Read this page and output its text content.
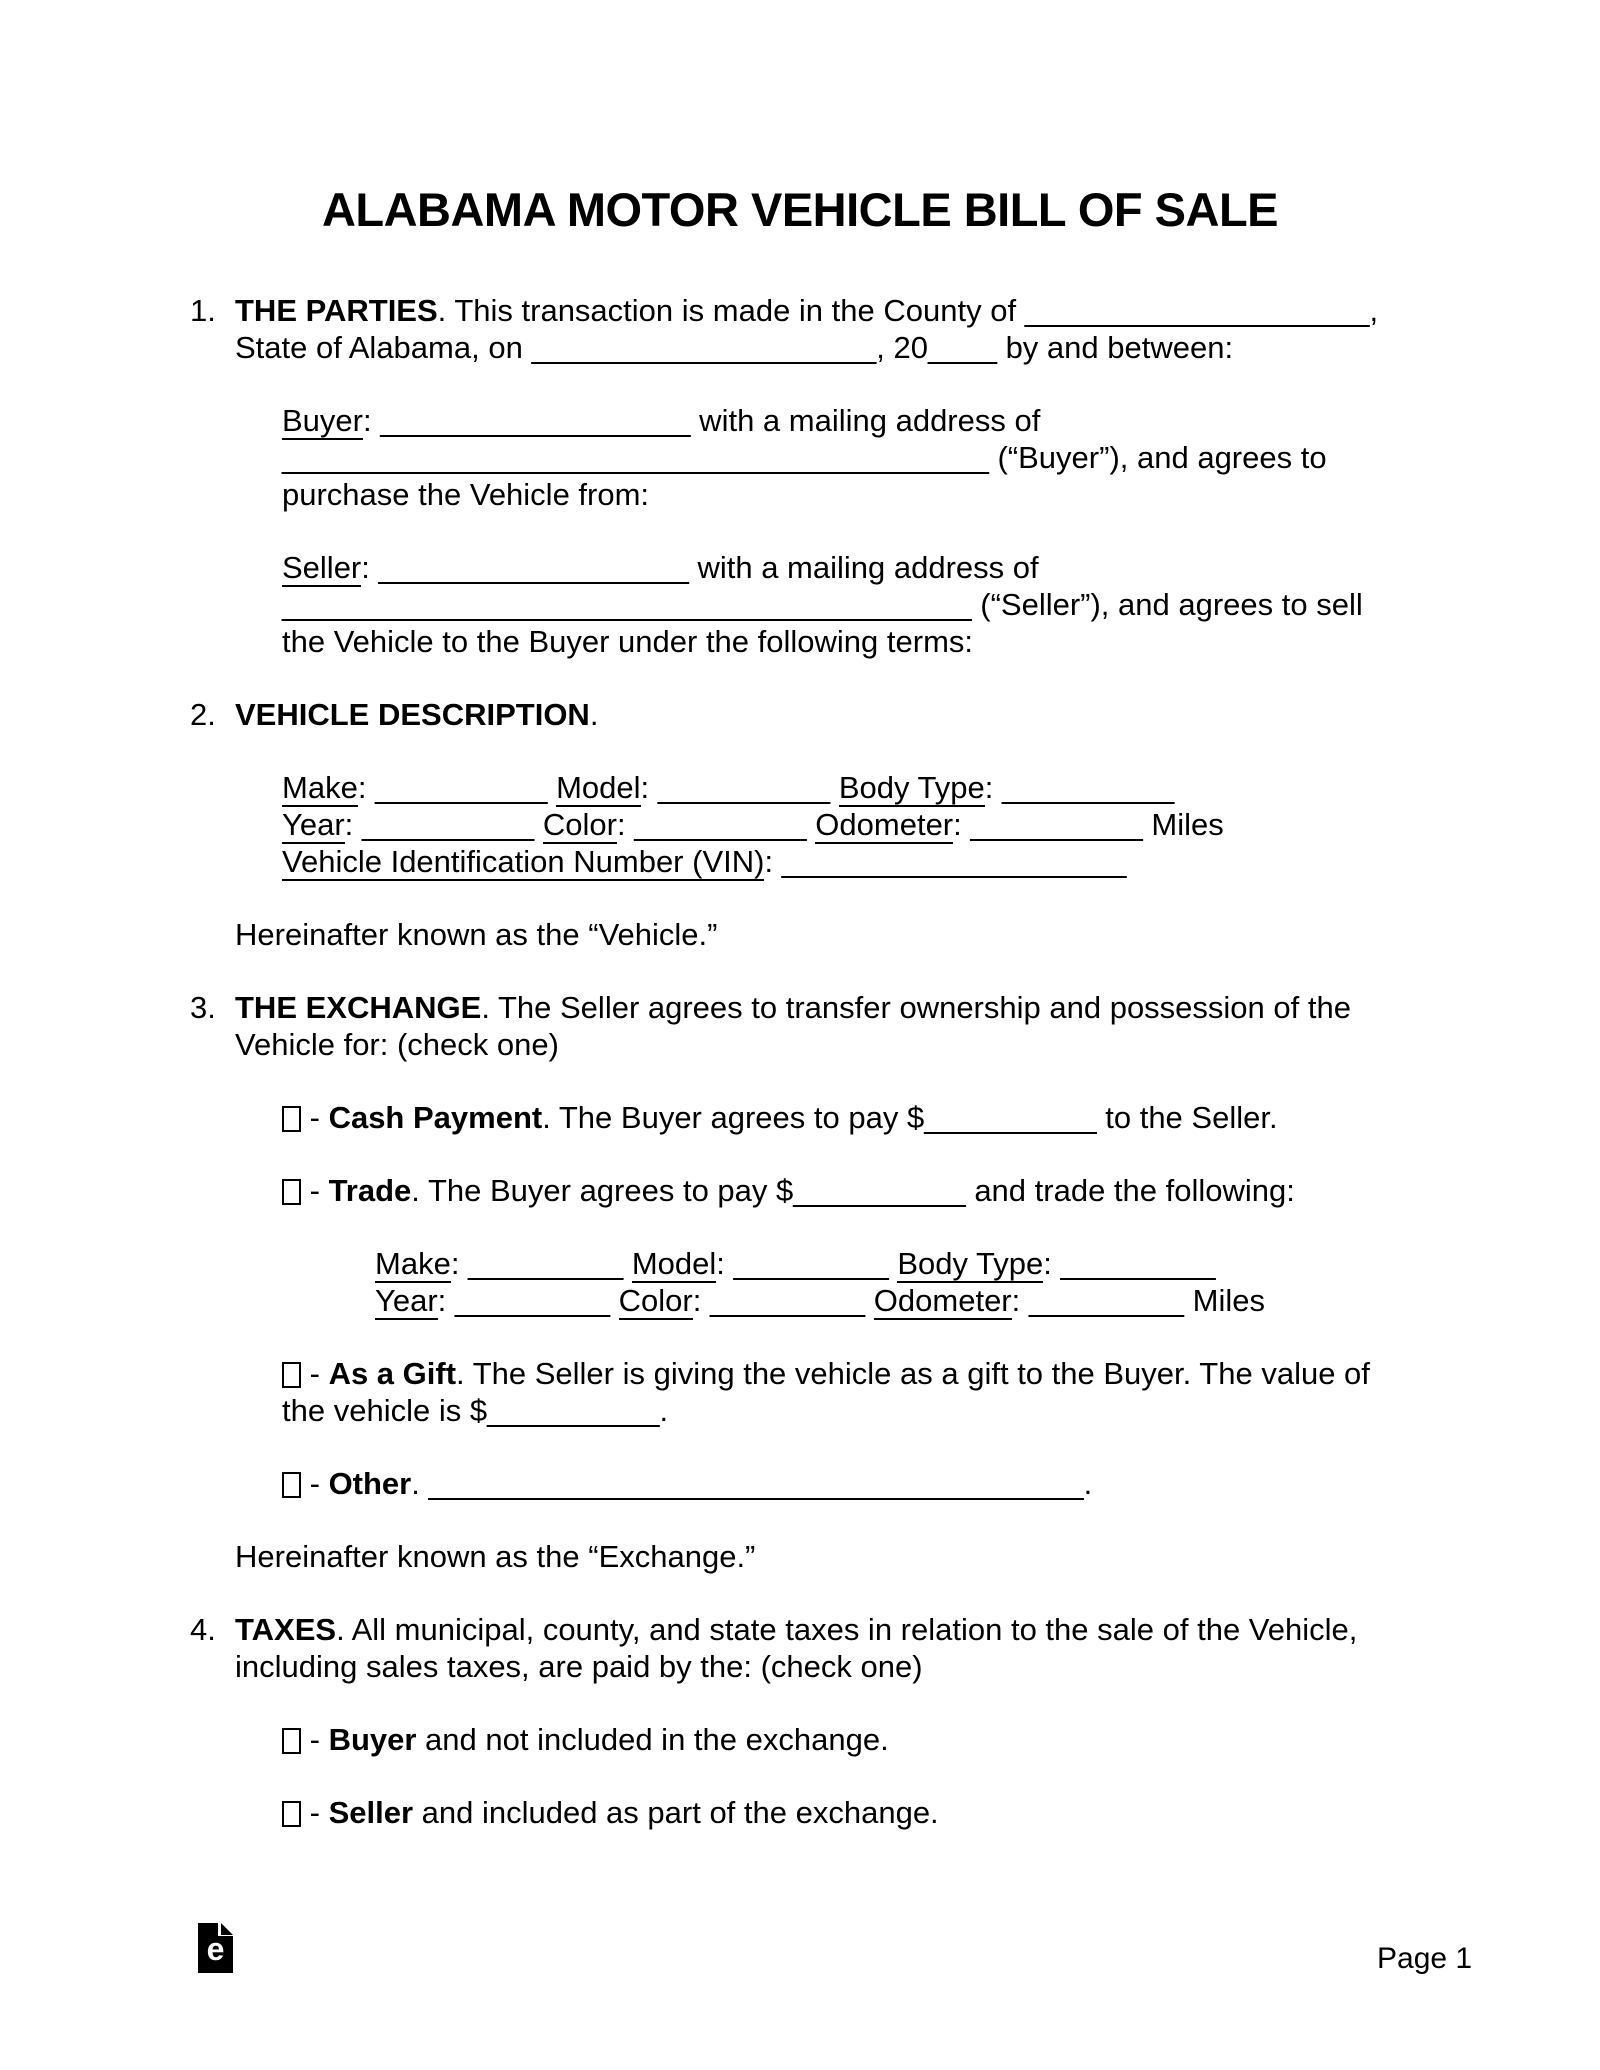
ALABAMA MOTOR VEHICLE BILL OF SALE
1. THE PARTIES. This transaction is made in the County of ____________________,
State of Alabama, on ____________________, 20____ by and between:
Buyer: __________________ with a mailing address of
_________________________________________ (“Buyer”), and agrees to
purchase the Vehicle from:
Seller: __________________ with a mailing address of
________________________________________ (“Seller”), and agrees to sell
the Vehicle to the Buyer under the following terms:
2. VEHICLE DESCRIPTION.
Make: __________ Model: __________ Body Type: __________
Year: __________ Color: __________ Odometer: __________ Miles
Vehicle Identification Number (VIN): ____________________
Hereinafter known as the “Vehicle.”
3. THE EXCHANGE. The Seller agrees to transfer ownership and possession of the
Vehicle for: (check one)
- Cash Payment. The Buyer agrees to pay $__________ to the Seller.
- Trade. The Buyer agrees to pay $__________ and trade the following:
Make: _________ Model: _________ Body Type: _________
Year: _________ Color: _________ Odometer: _________ Miles
- As a Gift. The Seller is giving the vehicle as a gift to the Buyer. The value of
the vehicle is $__________.
- Other. ______________________________________.
Hereinafter known as the “Exchange.”
4. TAXES. All municipal, county, and state taxes in relation to the sale of the Vehicle,
including sales taxes, are paid by the: (check one)
- Buyer and not included in the exchange.
- Seller and included as part of the exchange.
e	Page 1
